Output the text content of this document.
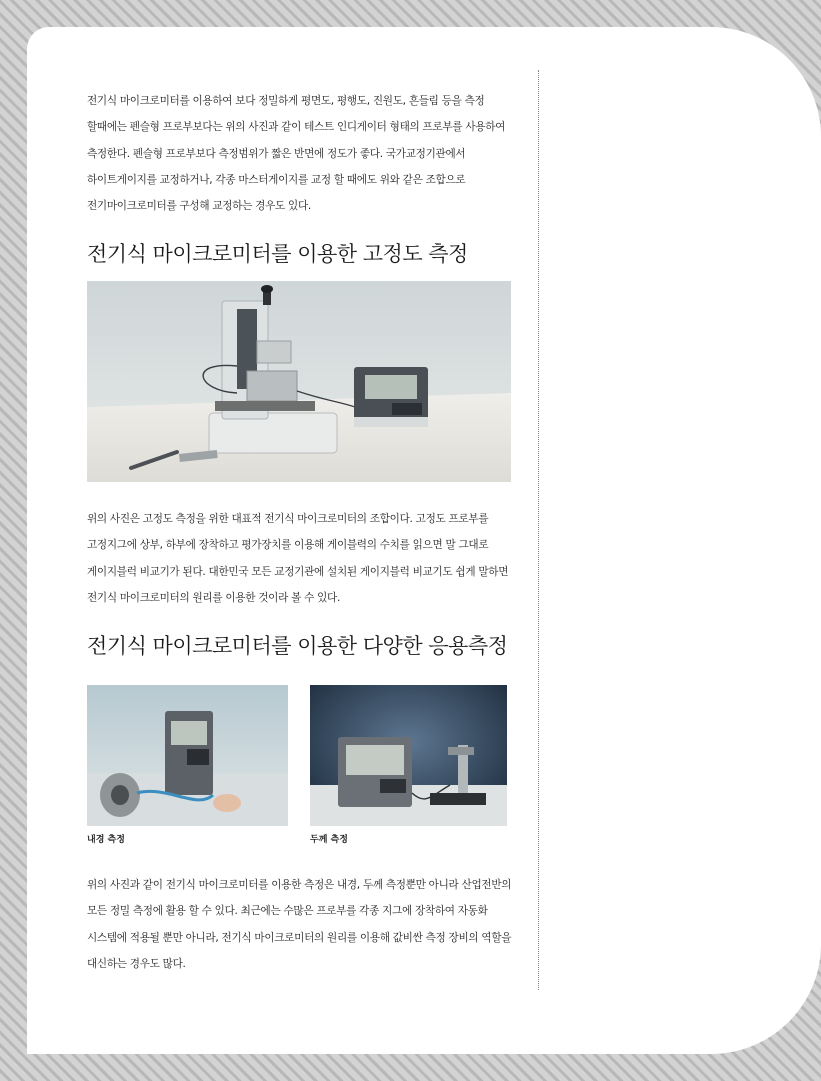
전기식 마이크로미터를 이용하여 보다 정밀하게 평면도, 평행도, 진원도, 흔들림 등을 측정
할때에는 펜슬형 프로부보다는 위의 사진과 같이 테스트 인디게이터 형태의 프로부를 사용하여
측정한다. 펜슬형 프로부보다 측정범위가 짧은 반면에 정도가 좋다. 국가교정기관에서
하이트게이지를 교정하거나, 각종 마스터게이지를 교정 할 때에도 위와 같은 조합으로
전기마이크로미터를 구성해 교정하는 경우도 있다.

전기식 마이크로미터를 이용한 고정도 측정

위의 사진은 고정도 측정을 위한 대표적 전기식 마이크로미터의 조합이다. 고정도 프로부를
고정지그에 상부, 하부에 장착하고 평가장치를 이용해 게이블력의 수치를 읽으면 말 그대로
게이지블럭 비교기가 된다. 대한민국 모든 교정기관에 설치된 게이지블럭 비교기도 쉽게 말하면
전기식 마이크로미터의 원리를 이용한 것이라 볼 수 있다.

전기식 마이크로미터를 이용한 다양한 응용측정

내경 측정	두께 측정

위의 사진과 같이 전기식 마이크로미터를 이용한 측정은 내경, 두께 측정뿐만 아니라 산업전반의
모든 정밀 측정에 활용 할 수 있다. 최근에는 수많은 프로부를 각종 지그에 장착하여 자동화
시스템에 적용될 뿐만 아니라, 전기식 마이크로미터의 원리를 이용해 값비싼 측정 장비의 역할을
대신하는 경우도 많다.
